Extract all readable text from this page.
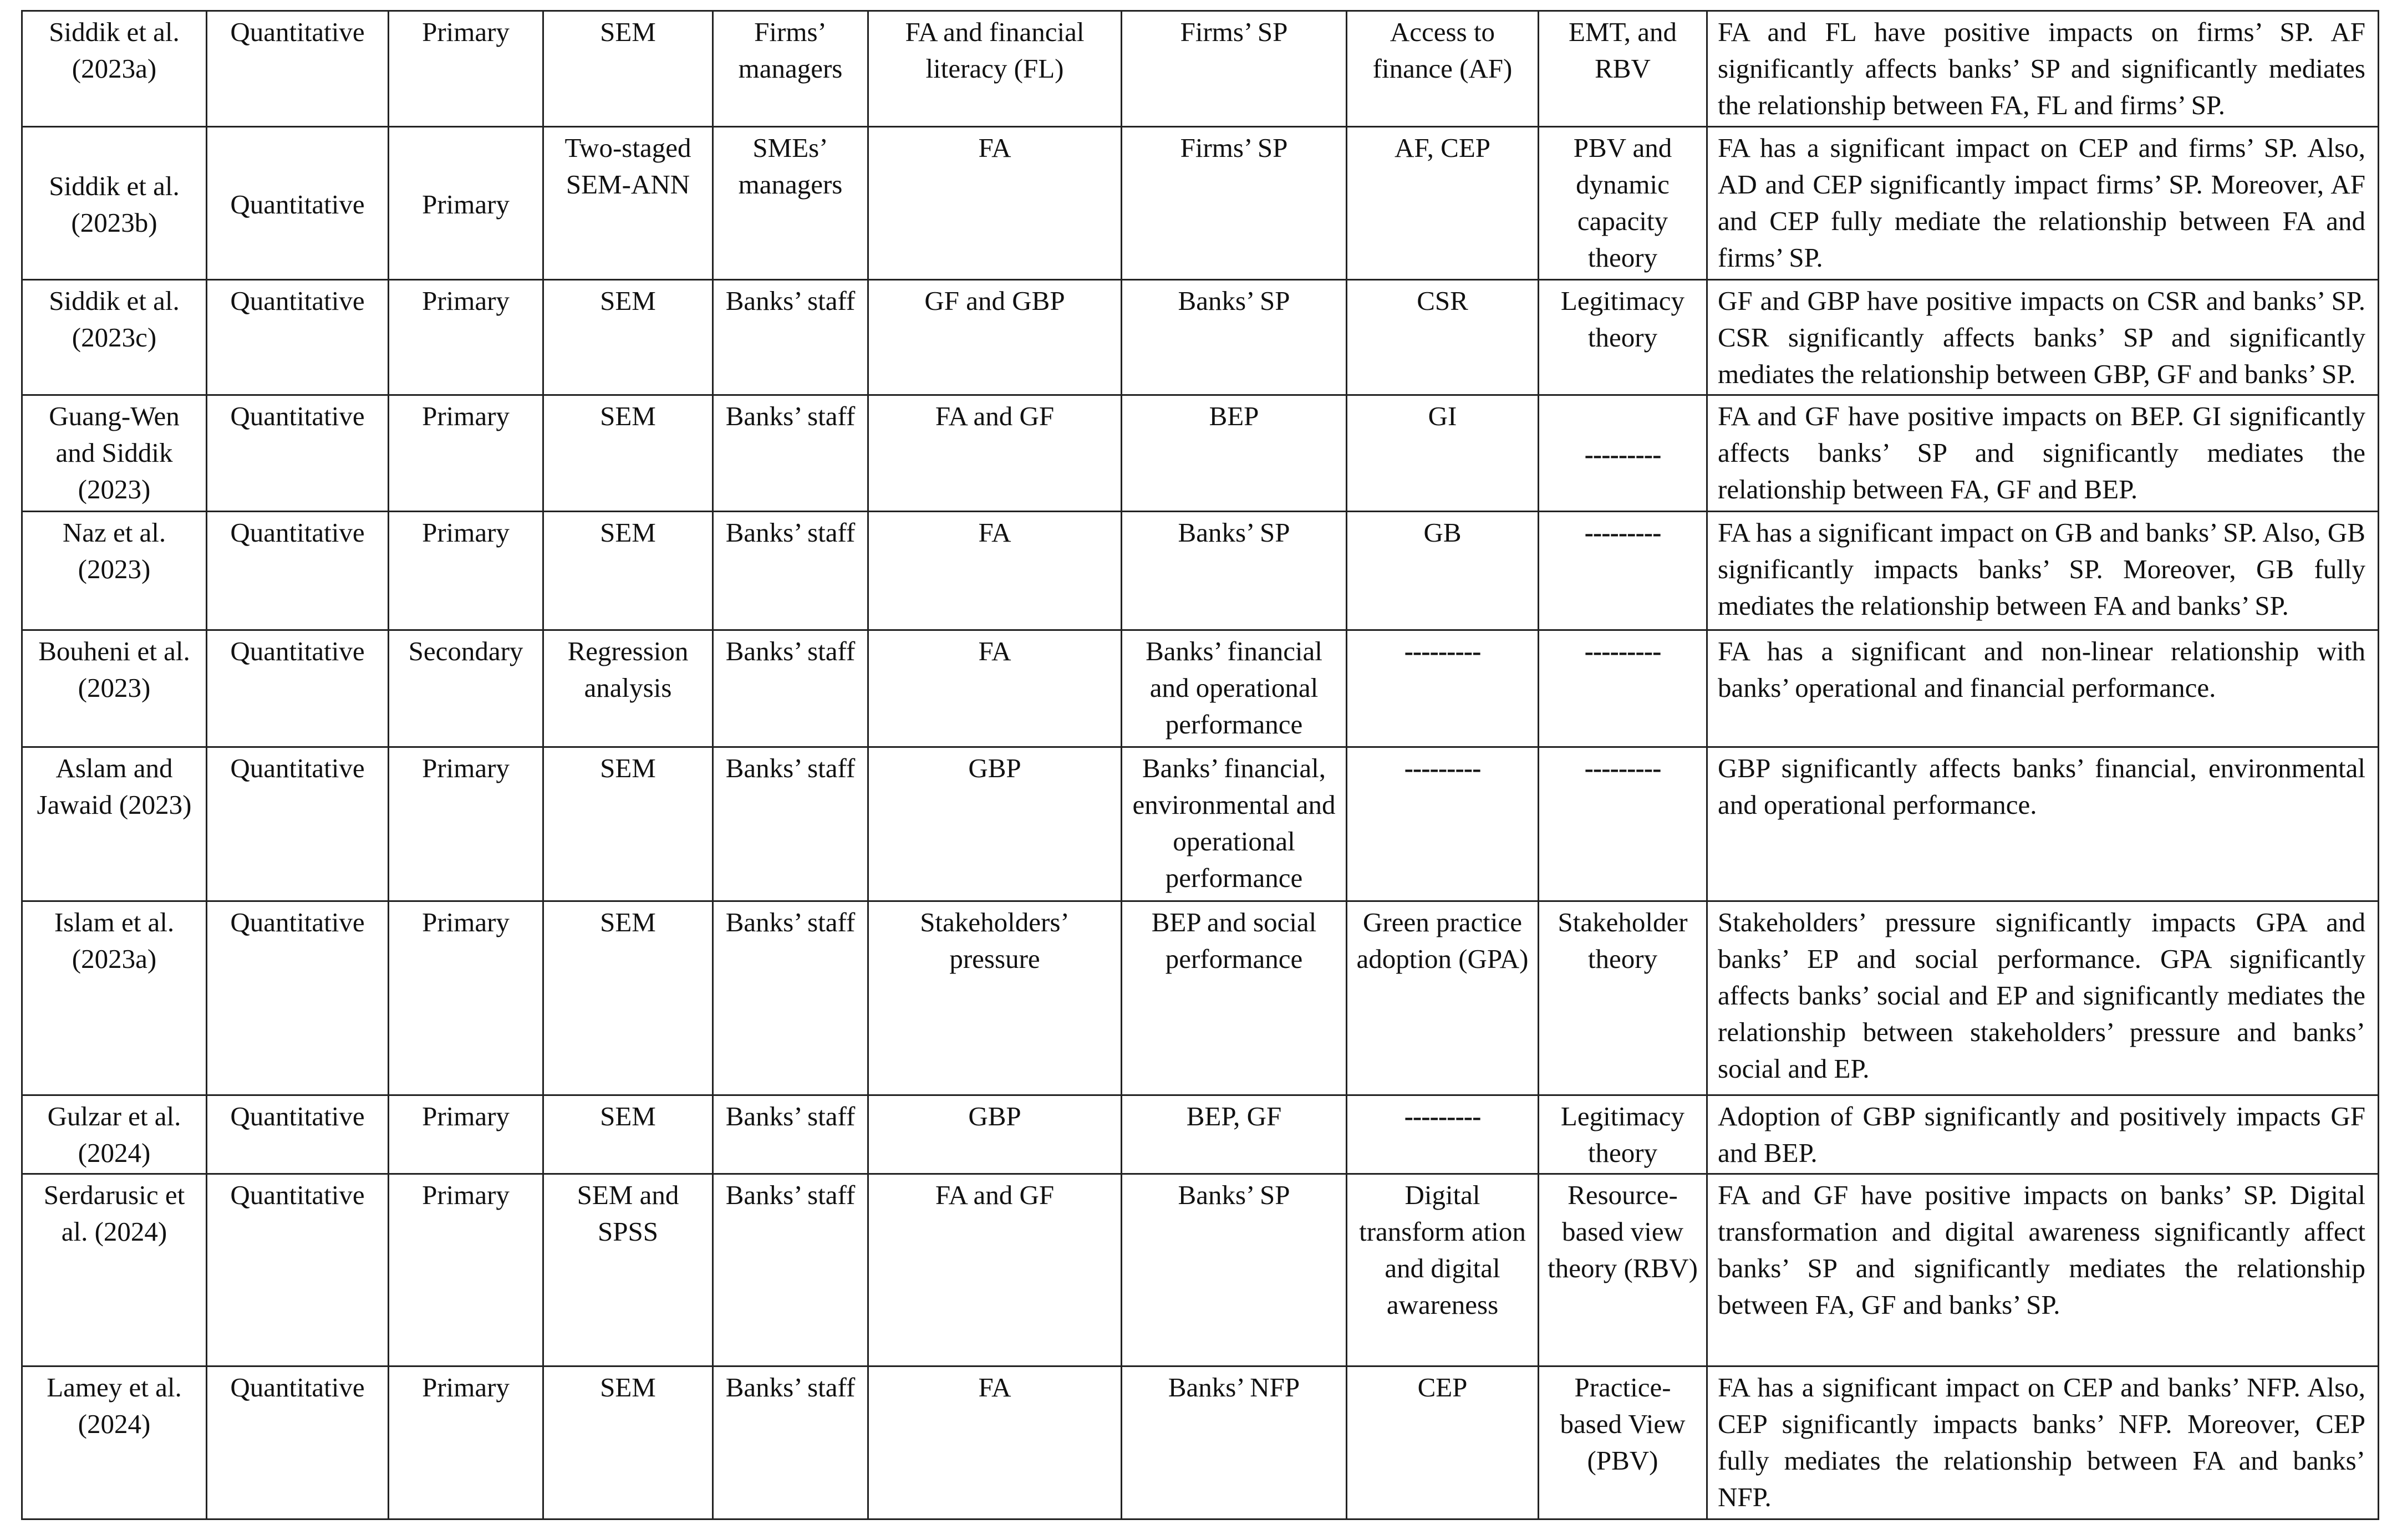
Siddik et al. (2023a)	Quantitative	Primary	SEM	Firms’ managers	FA and financial literacy (FL)	Firms’ SP	Access to finance (AF)	EMT, and RBV	FA and FL have positive impacts on firms’ SP. AF significantly affects banks’ SP and significantly mediates the relationship between FA, FL and firms’ SP.
Siddik et al. (2023b)	Quantitative	Primary	Two-staged SEM-ANN	SMEs’ managers	FA	Firms’ SP	AF, CEP	PBV and dynamic capacity theory	FA has a significant impact on CEP and firms’ SP. Also, AD and CEP significantly impact firms’ SP. Moreover, AF and CEP fully mediate the relationship between FA and firms’ SP.
Siddik et al. (2023c)	Quantitative	Primary	SEM	Banks’ staff	GF and GBP	Banks’ SP	CSR	Legitimacy theory	GF and GBP have positive impacts on CSR and banks’ SP. CSR significantly affects banks’ SP and significantly mediates the relationship between GBP, GF and banks’ SP.
Guang-Wen and Siddik (2023)	Quantitative	Primary	SEM	Banks’ staff	FA and GF	BEP	GI	---------	FA and GF have positive impacts on BEP. GI significantly affects banks’ SP and significantly mediates the relationship between FA, GF and BEP.
Naz et al. (2023)	Quantitative	Primary	SEM	Banks’ staff	FA	Banks’ SP	GB	---------	FA has a significant impact on GB and banks’ SP. Also, GB significantly impacts banks’ SP. Moreover, GB fully mediates the relationship between FA and banks’ SP.
Bouheni et al. (2023)	Quantitative	Secondary	Regression analysis	Banks’ staff	FA	Banks’ financial and operational performance	---------	---------	FA has a significant and non-linear relationship with banks’ operational and financial performance.
Aslam and Jawaid (2023)	Quantitative	Primary	SEM	Banks’ staff	GBP	Banks’ financial, environmental and operational performance	---------	---------	GBP significantly affects banks’ financial, environmental and operational performance.
Islam et al. (2023a)	Quantitative	Primary	SEM	Banks’ staff	Stakeholders’ pressure	BEP and social performance	Green practice adoption (GPA)	Stakeholder theory	Stakeholders’ pressure significantly impacts GPA and banks’ EP and social performance. GPA significantly affects banks’ social and EP and significantly mediates the relationship between stakeholders’ pressure and banks’ social and EP.
Gulzar et al. (2024)	Quantitative	Primary	SEM	Banks’ staff	GBP	BEP, GF	---------	Legitimacy theory	Adoption of GBP significantly and positively impacts GF and BEP.
Serdarusic et al. (2024)	Quantitative	Primary	SEM and SPSS	Banks’ staff	FA and GF	Banks’ SP	Digital transform ation and digital awareness	Resource-based view theory (RBV)	FA and GF have positive impacts on banks’ SP. Digital transformation and digital awareness significantly affect banks’ SP and significantly mediates the relationship between FA, GF and banks’ SP.
Lamey et al. (2024)	Quantitative	Primary	SEM	Banks’ staff	FA	Banks’ NFP	CEP	Practice-based View (PBV)	FA has a significant impact on CEP and banks’ NFP. Also, CEP significantly impacts banks’ NFP. Moreover, CEP fully mediates the relationship between FA and banks’ NFP.
